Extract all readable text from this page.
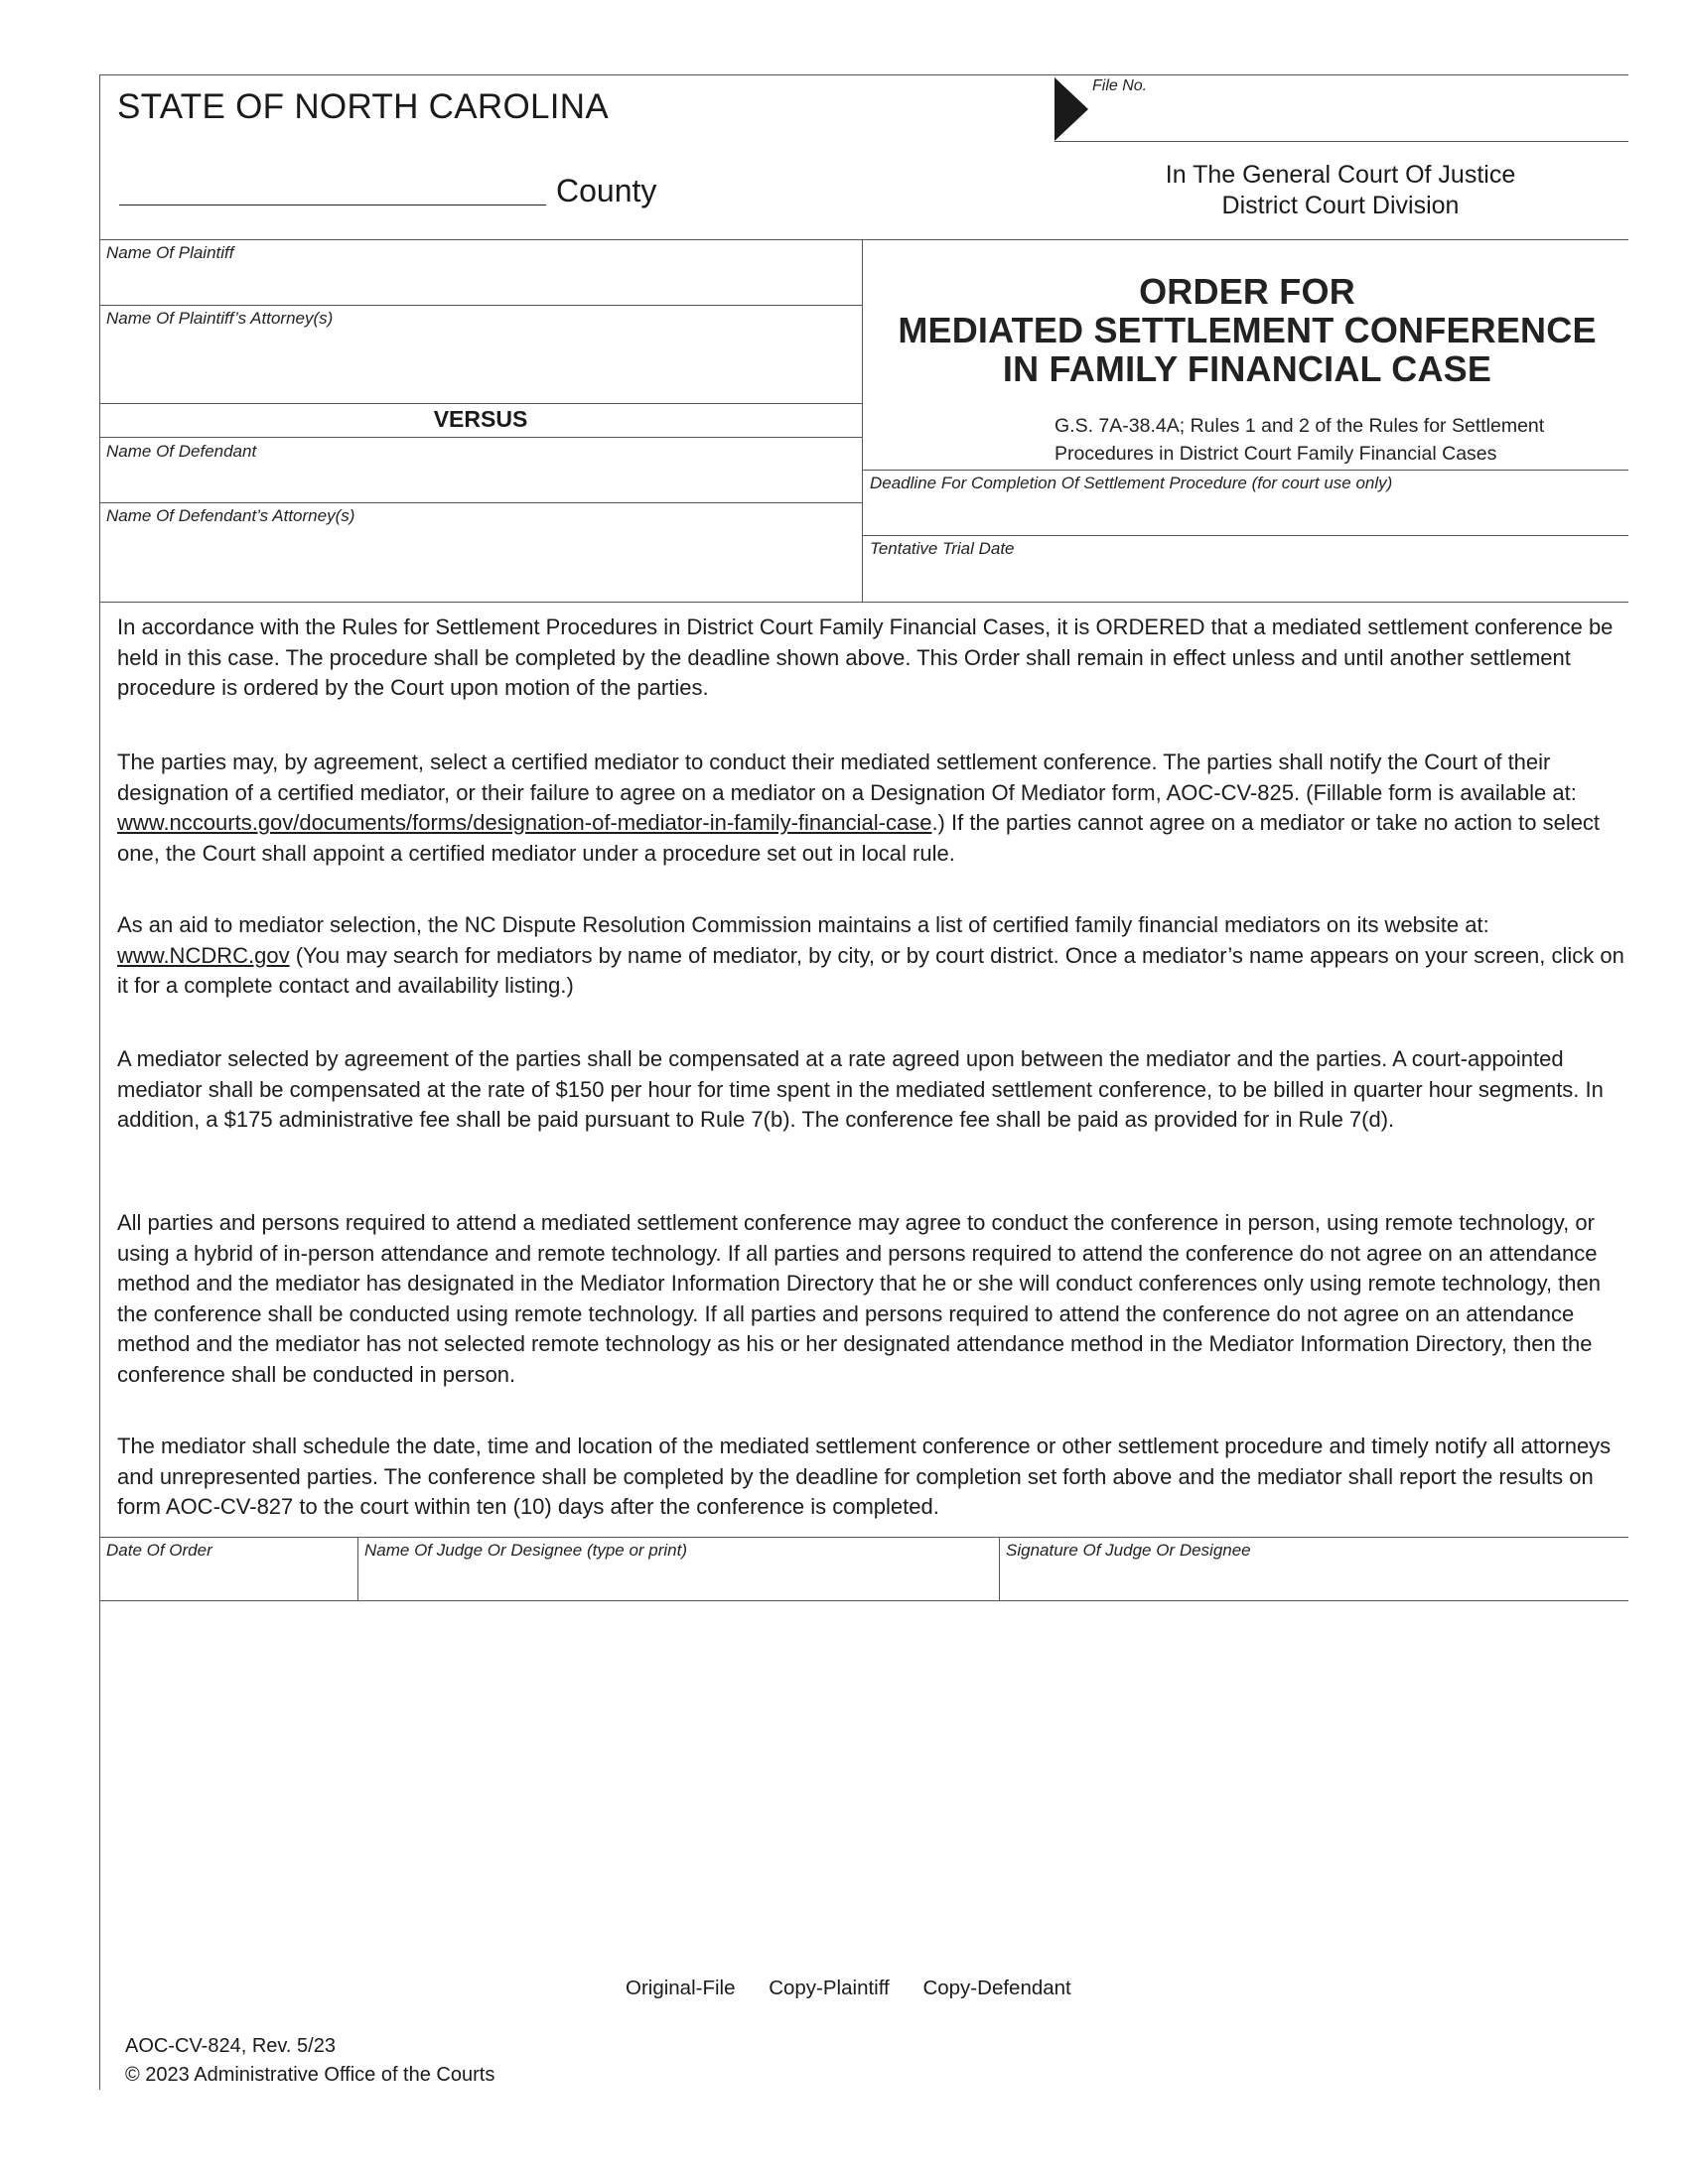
STATE OF NORTH CAROLINA
County
File No.
In The General Court Of Justice
District Court Division
Name Of Plaintiff
Name Of Plaintiff’s Attorney(s)
VERSUS
Name Of Defendant
Name Of Defendant’s Attorney(s)
ORDER FOR
MEDIATED SETTLEMENT CONFERENCE
IN FAMILY FINANCIAL CASE
G.S. 7A-38.4A; Rules 1 and 2 of the Rules for Settlement
Procedures in District Court Family Financial Cases
Deadline For Completion Of Settlement Procedure (for court use only)
Tentative Trial Date

In accordance with the Rules for Settlement Procedures in District Court Family Financial Cases, it is ORDERED that a mediated settlement conference be held in this case. The procedure shall be completed by the deadline shown above. This Order shall remain in effect unless and until another settlement procedure is ordered by the Court upon motion of the parties.

The parties may, by agreement, select a certified mediator to conduct their mediated settlement conference. The parties shall notify the Court of their designation of a certified mediator, or their failure to agree on a mediator on a Designation Of Mediator form, AOC-CV-825. (Fillable form is available at: www.nccourts.gov/documents/forms/designation-of-mediator-in-family-financial-case.) If the parties cannot agree on a mediator or take no action to select one, the Court shall appoint a certified mediator under a procedure set out in local rule.

As an aid to mediator selection, the NC Dispute Resolution Commission maintains a list of certified family financial mediators on its website at: www.NCDRC.gov (You may search for mediators by name of mediator, by city, or by court district. Once a mediator’s name appears on your screen, click on it for a complete contact and availability listing.)

A mediator selected by agreement of the parties shall be compensated at a rate agreed upon between the mediator and the parties. A court-appointed mediator shall be compensated at the rate of $150 per hour for time spent in the mediated settlement conference, to be billed in quarter hour segments. In addition, a $175 administrative fee shall be paid pursuant to Rule 7(b). The conference fee shall be paid as provided for in Rule 7(d).

All parties and persons required to attend a mediated settlement conference may agree to conduct the conference in person, using remote technology, or using a hybrid of in-person attendance and remote technology. If all parties and persons required to attend the conference do not agree on an attendance method and the mediator has designated in the Mediator Information Directory that he or she will conduct conferences only using remote technology, then the conference shall be conducted using remote technology. If all parties and persons required to attend the conference do not agree on an attendance method and the mediator has not selected remote technology as his or her designated attendance method in the Mediator Information Directory, then the conference shall be conducted in person.

The mediator shall schedule the date, time and location of the mediated settlement conference or other settlement procedure and timely notify all attorneys and unrepresented parties. The conference shall be completed by the deadline for completion set forth above and the mediator shall report the results on form AOC-CV-827 to the court within ten (10) days after the conference is completed.

Date Of Order	Name Of Judge Or Designee (type or print)	Signature Of Judge Or Designee
Original-File Copy-Plaintiff Copy-Defendant
AOC-CV-824, Rev. 5/23
© 2023 Administrative Office of the Courts
